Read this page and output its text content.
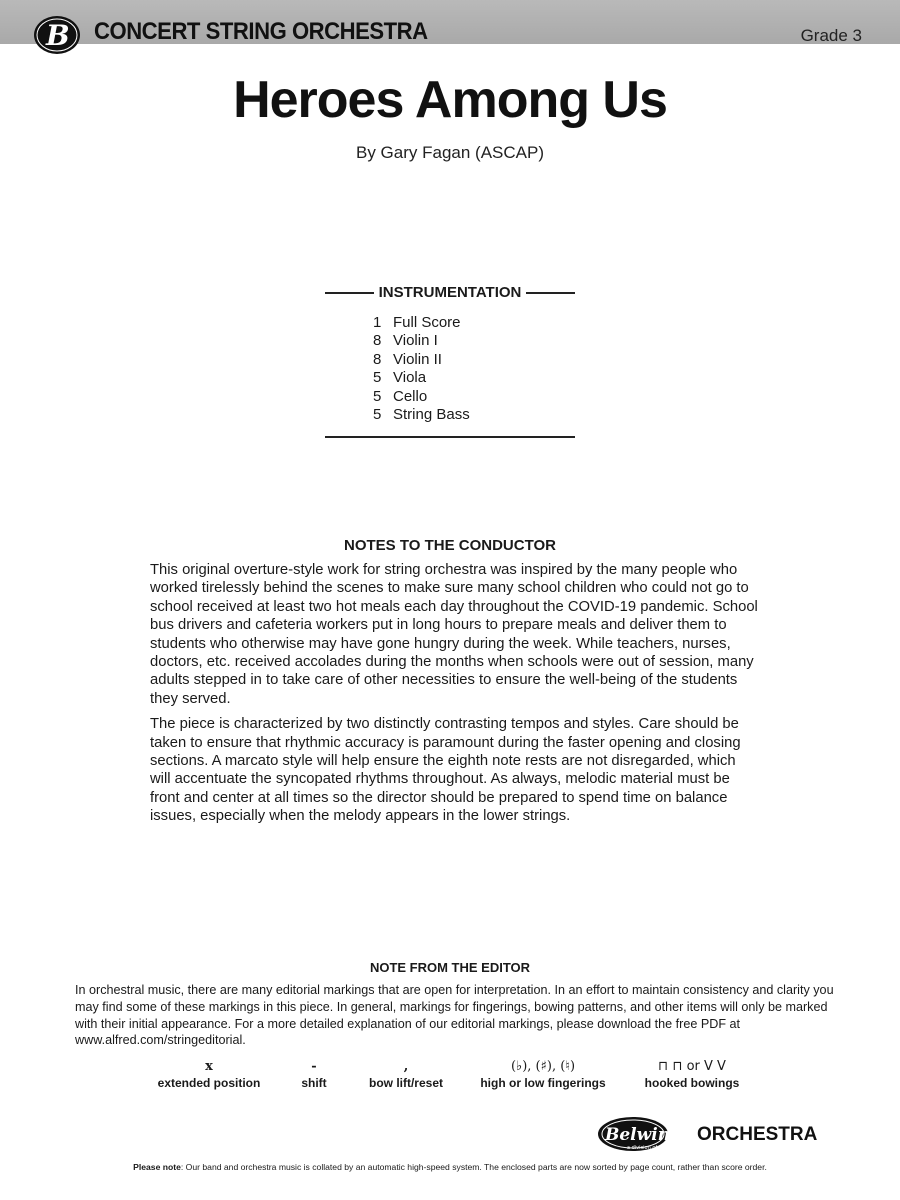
B CONCERT STRING ORCHESTRA	Grade 3
Heroes Among Us
By Gary Fagan (ASCAP)
INSTRUMENTATION
1 Full Score
8 Violin I
8 Violin II
5 Viola
5 Cello
5 String Bass
NOTES TO THE CONDUCTOR

This original overture-style work for string orchestra was inspired by the many people who worked tirelessly behind the scenes to make sure many school children who could not go to school received at least two hot meals each day throughout the COVID-19 pandemic. School bus drivers and cafeteria workers put in long hours to prepare meals and deliver them to students who otherwise may have gone hungry during the week. While teachers, nurses, doctors, etc. received accolades during the months when schools were out of session, many adults stepped in to take care of other necessities to ensure the well-being of the students they served.

The piece is characterized by two distinctly contrasting tempos and styles. Care should be taken to ensure that rhythmic accuracy is paramount during the faster opening and closing sections. A marcato style will help ensure the eighth note rests are not disregarded, which will accentuate the syncopated rhythms throughout. As always, melodic material must be front and center at all times so the director should be prepared to spend time on balance issues, especially when the melody appears in the lower strings.

NOTE FROM THE EDITOR

In orchestral music, there are many editorial markings that are open for interpretation. In an effort to maintain consistency and clarity you may find some of these markings in this piece. In general, markings for fingerings, bowing patterns, and other items will only be marked with their initial appearance. For a more detailed explanation of our editorial markings, please download the free PDF at www.alfred.com/stringeditorial.

x
extended position
-
shift
,
bow lift/reset
(♭), (♯), (♮)
high or low fingerings
⊓ ⊓ or V V
hooked bowings
Belwin
a division of Alfred
ORCHESTRA
Please note: Our band and orchestra music is collated by an automatic high-speed system. The enclosed parts are now sorted by page count, rather than score order.
